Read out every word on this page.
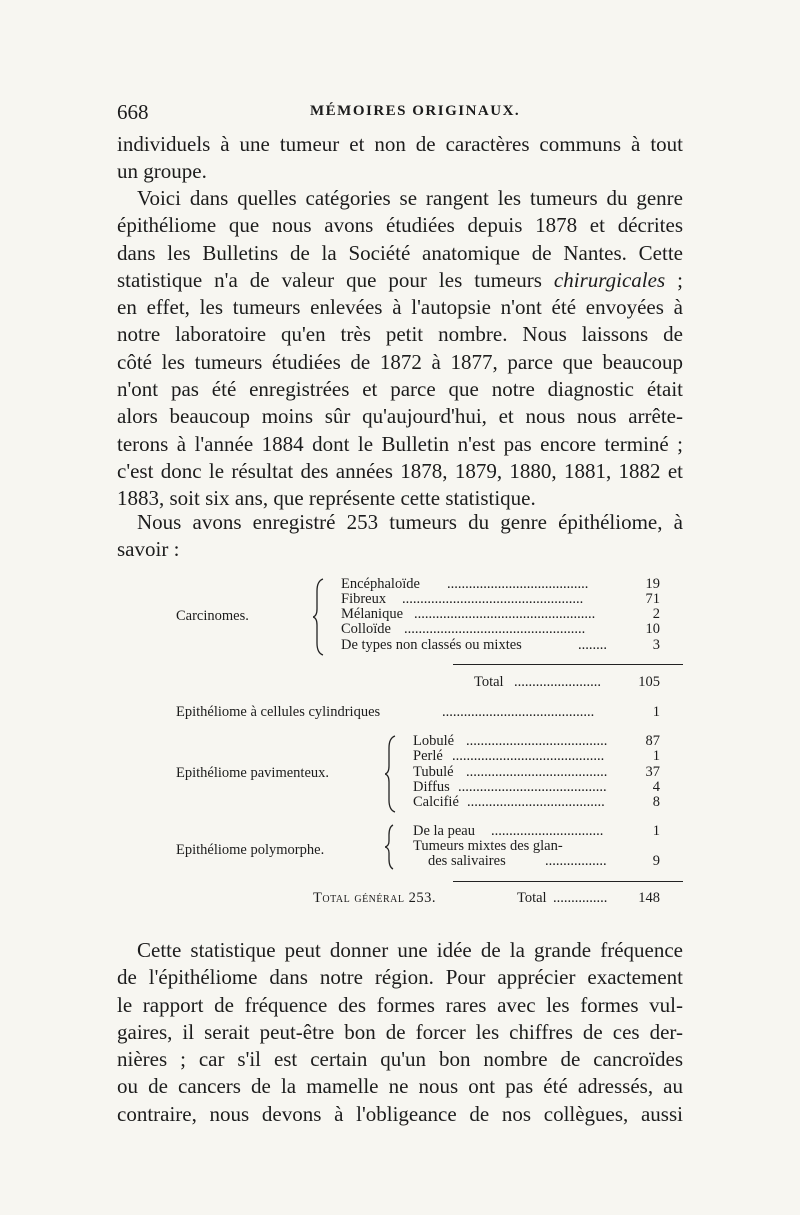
668	MÉMOIRES ORIGINAUX.
individuels à une tumeur et non de caractères communs à tout
un groupe.
Voici dans quelles catégories se rangent les tumeurs du genre
épithéliome que nous avons étudiées depuis 1878 et décrites
dans les Bulletins de la Société anatomique de Nantes. Cette
statistique n'a de valeur que pour les tumeurs chirurgicales ;
en effet, les tumeurs enlevées à l'autopsie n'ont été envoyées à
notre laboratoire qu'en très petit nombre. Nous laissons de
côté les tumeurs étudiées de 1872 à 1877, parce que beaucoup
n'ont pas été enregistrées et parce que notre diagnostic était
alors beaucoup moins sûr qu'aujourd'hui, et nous nous arrête-
terons à l'année 1884 dont le Bulletin n'est pas encore terminé ;
c'est donc le résultat des années 1878, 1879, 1880, 1881, 1882 et
1883, soit six ans, que représente cette statistique.
Nous avons enregistré 253 tumeurs du genre épithéliome, à
savoir :
Carcinomes.
Encéphaloïde .......................................	19
Fibreux ..................................................	71
Mélanique ..................................................	2
Colloïde ..................................................	10
De types non classés ou mixtes	........	3
Total ........................	105
Epithéliome à cellules cylindriques	..........................................	1
Epithéliome pavimenteux.
Lobulé .......................................	87
Perlé ..........................................	1
Tubulé .......................................	37
Diffus .........................................	4
Calcifié ......................................	8
Epithéliome polymorphe.
De la peau ...............................	1
Tumeurs mixtes des glan-
des salivaires	.................	9
Total général 253.	Total ...............	148
Cette statistique peut donner une idée de la grande fréquence
de l'épithéliome dans notre région. Pour apprécier exactement
le rapport de fréquence des formes rares avec les formes vul-
gaires, il serait peut-être bon de forcer les chiffres de ces der-
nières ; car s'il est certain qu'un bon nombre de cancroïdes
ou de cancers de la mamelle ne nous ont pas été adressés, au
contraire, nous devons à l'obligeance de nos collègues, aussi
